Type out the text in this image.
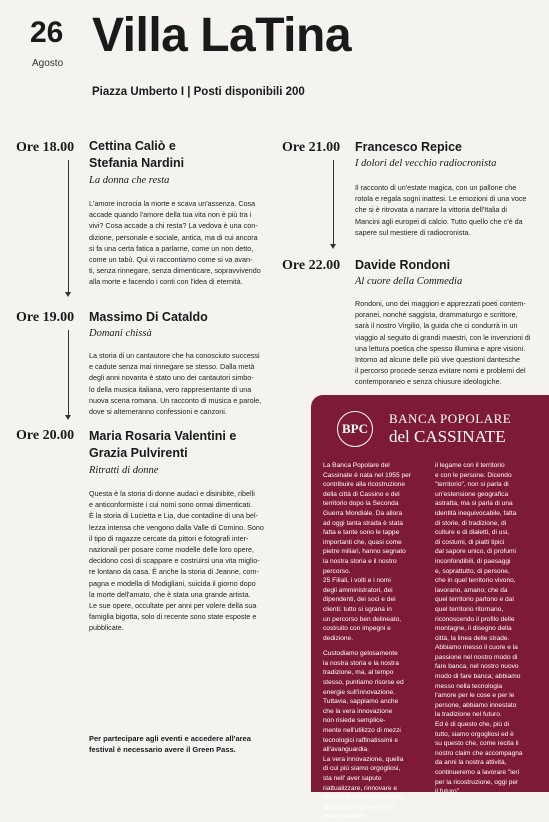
26
Agosto
Villa LaTina
Piazza Umberto I | Posti disponibili 200
Ore 18.00 Cettina Caliò e
Stefania Nardini
La donna che resta
L'amore incrocia la morte e scava un'assenza. Cosa
accade quando l'amore della tua vita non è più tra i
vivi? Cosa accade a chi resta? La vedova è una con-
dizione, personale e sociale, antica, ma di cui ancora
si fa una certa fatica a parlarne, come un non detto,
come un tabù. Qui vi raccontiamo come si va avan-
ti, senza rinnegare, senza dimenticare, sopravvivendo
alla morte e facendo i conti con l'idea di eternità.
Ore 19.00 Massimo Di Cataldo
Domani chissà
La storia di un cantautore che ha conosciuto successi
e cadute senza mai rinnegare se stesso. Dalla metà
degli anni novanta è stato uno dei cantautori simbo-
lo della musica italiana, vero rappresentante di una
nuova scena romana. Un racconto di musica e parole,
dove si alterneranno confessioni e canzoni.
Ore 20.00 Maria Rosaria Valentini e
Grazia Pulvirenti
Ritratti di donne
Questa è la storia di donne audaci e disinibite, ribelli
e anticonformiste i cui nomi sono ormai dimenticati.
È la storia di Lucietta e Lia, due contadine di una bel-
lezza intensa che vengono dalla Valle di Comino. Sono
il tipo di ragazze cercate da pittori e fotografi inter-
nazionali per posare come modelle delle loro opere,
decidono così di scappare e costruirsi una vita miglio-
re lontano da casa. È anche la storia di Jeanne, com-
pagna e modella di Modigliani, suicida il giorno dopo
la morte dell'amato, che è stata una grande artista.
Le sue opere, occultate per anni per volere della sua
famiglia bigotta, solo di recente sono state esposte e
pubblicate.
Ore 21.00 Francesco Repice
I dolori del vecchio radiocronista
Il racconto di un'estate magica, con un pallone che
rotola e regala sogni inattesi. Le emozioni di una voce
che si è ritrovata a narrare la vittoria dell'Italia di
Mancini agli europei di calcio. Tutto quello che c'è da
sapere sul mestiere di radiocronista.
Ore 22.00 Davide Rondoni
Al cuore della Commedia
Rondoni, uno dei maggiori e apprezzati poeti contem-
poranei, nonché saggista, drammaturgo e scrittore,
sarà il nostro Virgilio, la guida che ci condurrà in un
viaggio al seguito di grandi maestri, con le invenzioni di
una lettura poetica che spesso illumina e apre visioni.
Intorno ad alcune delle più vive questioni dantesche
il percorso procede senza evitare nomi e problemi del
contemporaneo e senza chiusure ideologiche.
Per partecipare agli eventi e accedere all'area
festival è necessario avere il Green Pass.
BPC
BANCA POPOLARE
del CASSINATE
La Banca Popolare del
Cassinate è nata nel 1955 per
contribuire alla ricostruzione
della città di Cassino e del
territorio dopo la Seconda
Guerra Mondiale. Da allora
ad oggi tanta strada è stata
fatta e tante sono le tappe
importanti che, quasi come
pietre miliari, hanno segnato
la nostra storia e il nostro
percorso.
25 Filiali, i volti e i nomi
degli amministratori, dei
dipendenti, dei soci e dei
clienti: tutto si sgrana in
un percorso ben delineato,
costruito con impegni e
dedizione.
Custodiamo gelosamente
la nostra storia e la nostra
tradizione, ma, al tempo
stesso, puntiamo risorse ed
energie sull'innovazione.
Tuttavia, sappiamo anche
che la vera innovazione
non risiede semplice-
mente nell'utilizzo di mezzi
tecnologici raffinatissimi e
all'avanguardia.
La vera innovazione, quella
di cui più siamo orgogliosi,
sta nell' aver saputo
riattualizzare, rinnovare e
far vivere in maniera nuova
quella che è la vera cifra
dello stile BPC:
il legame con il territorio
e con le persone. Dicendo
"territorio", non si parla di
un'estensione geografica
astratta, ma si parla di una
identità inequivocabile, fatta
di storie, di tradizione, di
culture e di dialetti, di usi,
di costumi, di piatti tipici
dal sapore unico, di profumi
inconfondibili, di paesaggi
e, soprattutto, di persone,
che in quel territorio vivono,
lavorano, amano; che da
quel territorio partono e dal
quel territorio ritornano,
riconoscendo il profilo delle
montagne, il disegno della
città, la linea delle strade.
Abbiamo messo il cuore e la
passione nel nostro modo di
fare banca, nel nostro nuovo
modo di fare banca; abbiamo
messo nella tecnologia
l'amore per le cose e per le
persone, abbiamo innestato
la tradizione nel futuro.
Ed è di questo che, più di
tutto, siamo orgogliosi ed è
su questo che, come recita il
nostro claim che accompagna
da anni la nostra attività,
continueremo a lavorare "ieri
per la ricostruzione, oggi per
il futuro"
